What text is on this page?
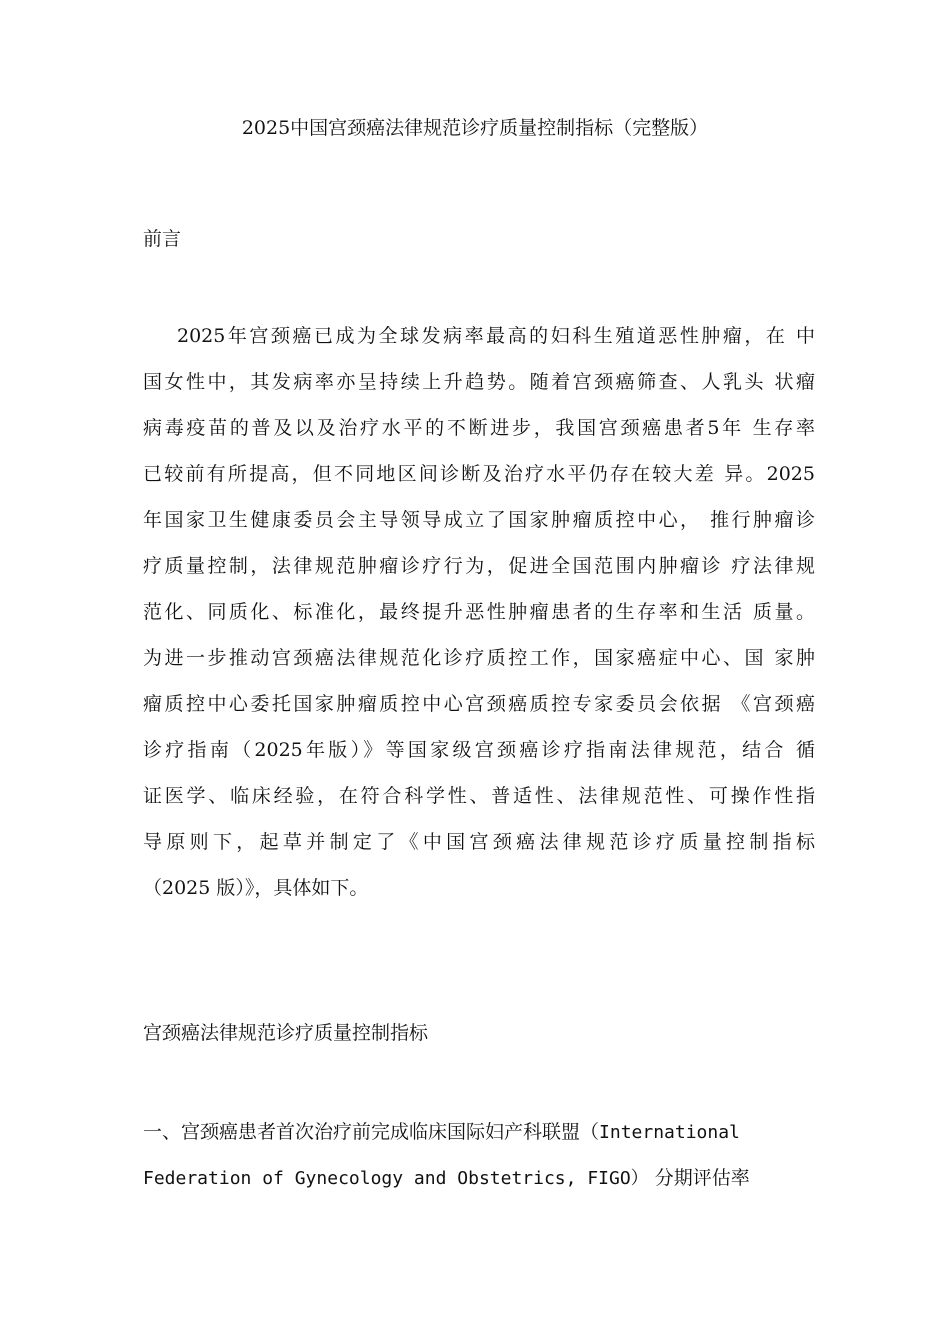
2025中国宫颈癌法律规范诊疗质量控制指标（完整版）
前言
2025年宫颈癌已成为全球发病率最高的妇科生殖道恶性肿瘤，在 中
国女性中，其发病率亦呈持续上升趋势。随着宫颈癌筛查、人乳头 状瘤
病毒疫苗的普及以及治疗水平的不断进步，我国宫颈癌患者5年 生存率
已较前有所提高，但不同地区间诊断及治疗水平仍存在较大差 异。2025
年国家卫生健康委员会主导领导成立了国家肿瘤质控中心， 推行肿瘤诊
疗质量控制，法律规范肿瘤诊疗行为，促进全国范围内肿瘤诊 疗法律规
范化、同质化、标准化，最终提升恶性肿瘤患者的生存率和生活 质量。
为进一步推动宫颈癌法律规范化诊疗质控工作，国家癌症中心、国 家肿
瘤质控中心委托国家肿瘤质控中心宫颈癌质控专家委员会依据 《宫颈癌
诊疗指南（2025年版）》等国家级宫颈癌诊疗指南法律规范，结合 循
证医学、临床经验，在符合科学性、普适性、法律规范性、可操作性指
导原则下，起草并制定了《中国宫颈癌法律规范诊疗质量控制指标
（2025 版）》，具体如下。
宫颈癌法律规范诊疗质量控制指标
一、宫颈癌患者首次治疗前完成临床国际妇产科联盟（International
Federation of Gynecology and Obstetrics, FIGO） 分期评估率
